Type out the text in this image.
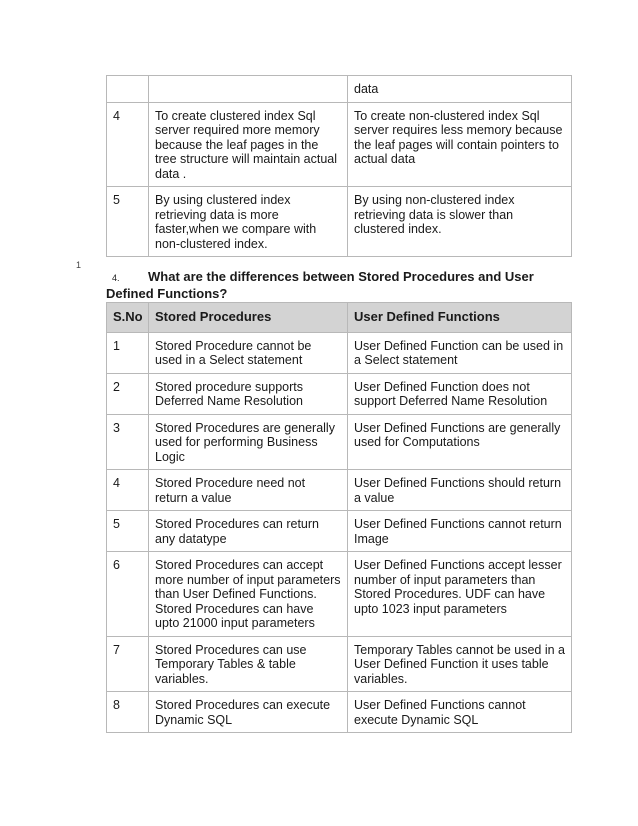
		data
4	To create clustered index Sql server required more memory because the leaf pages in the tree structure will maintain actual data .	To create non-clustered index Sql server requires less memory because the leaf pages will contain pointers to actual data
5	By using clustered index retrieving data is more faster,when we compare with non-clustered index.	By using non-clustered index retrieving data is slower than clustered index.
1
4. What are the differences between Stored Procedures and User
Defined Functions?
S.No	Stored Procedures	User Defined Functions
1	Stored Procedure cannot be used in a Select statement	User Defined Function can be used in a Select statement
2	Stored procedure supports Deferred Name Resolution	User Defined Function does not support Deferred Name Resolution
3	Stored Procedures are generally used for performing Business Logic	User Defined Functions are generally used for Computations
4	Stored Procedure need not return a value	User Defined Functions should return a value
5	Stored Procedures can return any datatype	User Defined Functions cannot return Image
6	Stored Procedures can accept more number of input parameters than User Defined Functions. Stored Procedures can have upto 21000 input parameters	User Defined Functions accept lesser number of input parameters than Stored Procedures. UDF can have upto 1023 input parameters
7	Stored Procedures can use Temporary Tables & table variables.	Temporary Tables cannot be used in a User Defined Function it uses table variables.
8	Stored Procedures can execute Dynamic SQL	User Defined Functions cannot execute Dynamic SQL
